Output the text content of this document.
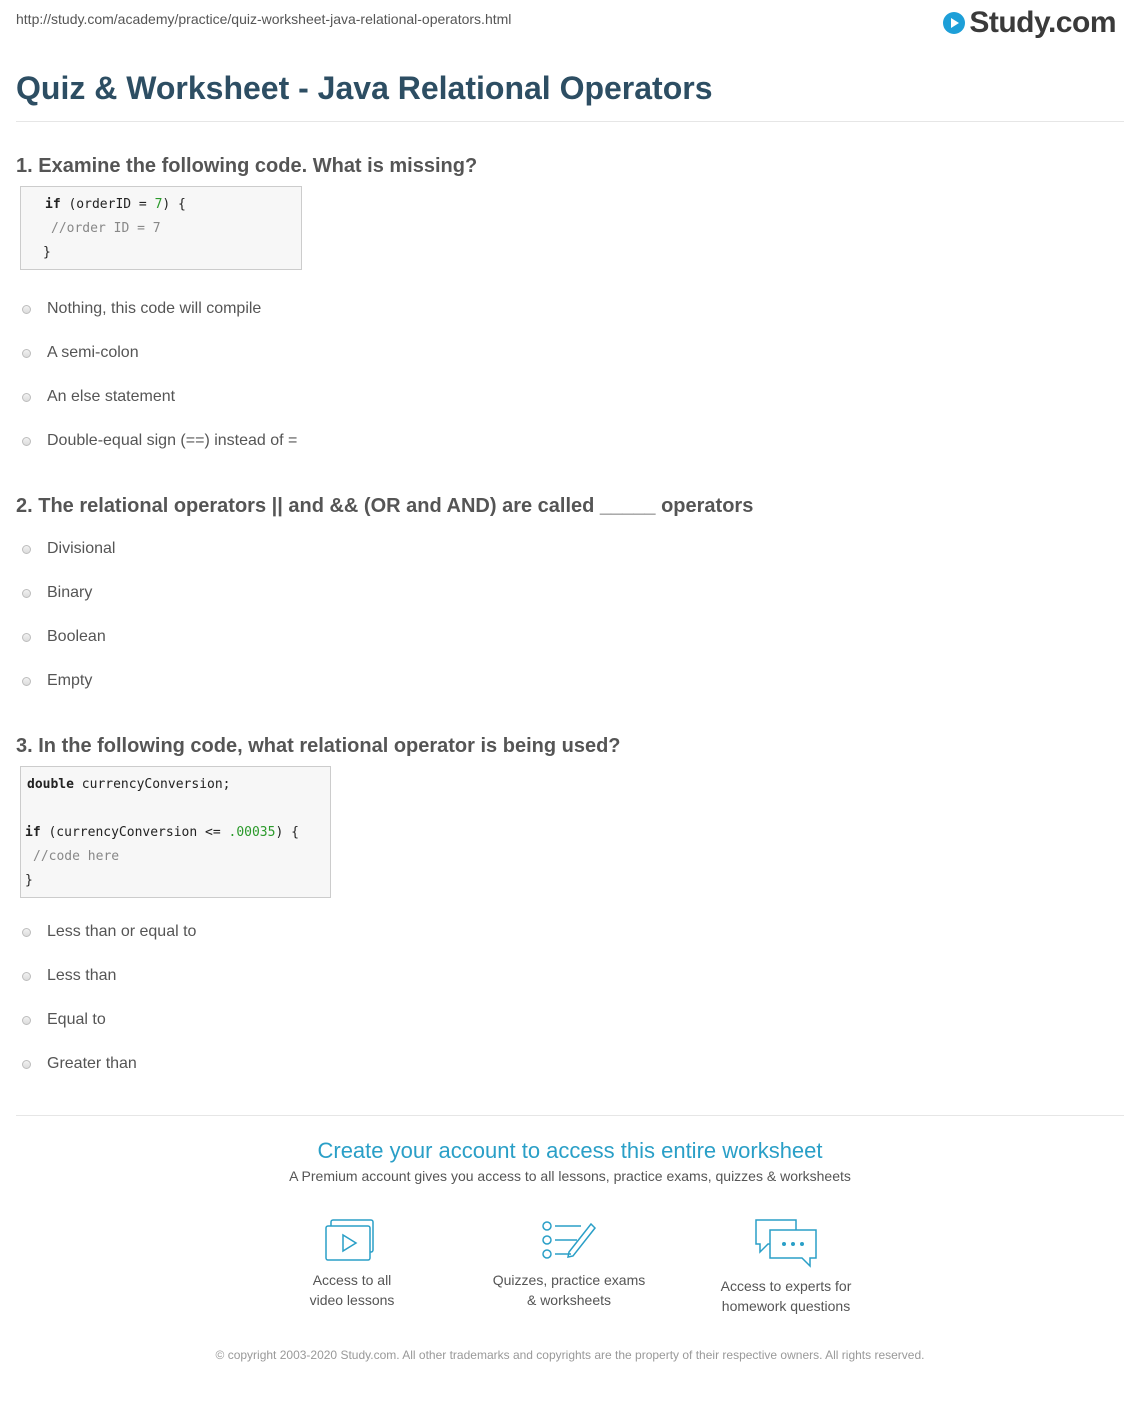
http://study.com/academy/practice/quiz-worksheet-java-relational-operators.html	Study.com
Quiz & Worksheet - Java Relational Operators
1. Examine the following code. What is missing?
if (orderID = 7) {
//order ID = 7
}
Nothing, this code will compile
A semi-colon
An else statement
Double-equal sign (==) instead of =
2. The relational operators || and && (OR and AND) are called _____ operators
Divisional
Binary
Boolean
Empty
3. In the following code, what relational operator is being used?
double currencyConversion;
if (currencyConversion <= .00035) {
//code here
}
Less than or equal to
Less than
Equal to
Greater than
Create your account to access this entire worksheet
A Premium account gives you access to all lessons, practice exams, quizzes & worksheets
Access to all
video lessons
Quizzes, practice exams
& worksheets
Access to experts for
homework questions
© copyright 2003-2020 Study.com. All other trademarks and copyrights are the property of their respective owners. All rights reserved.
